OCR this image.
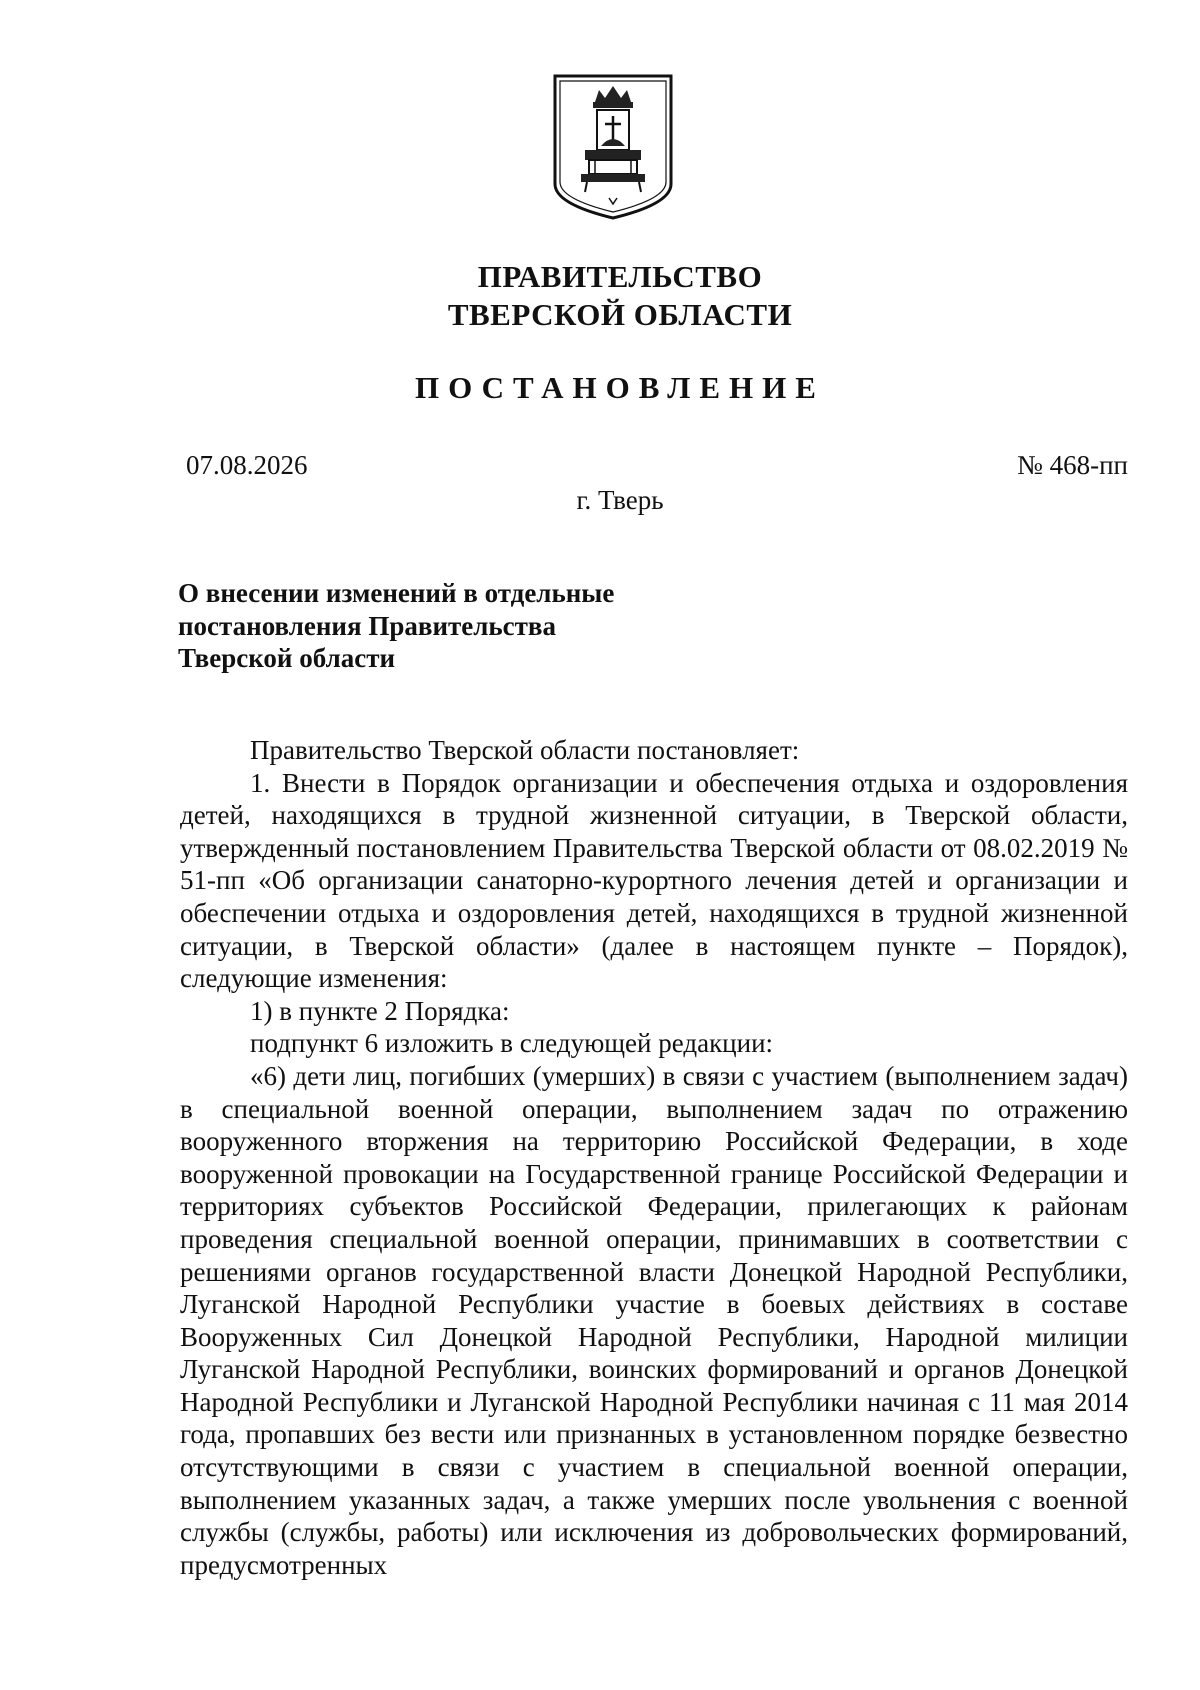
ПРАВИТЕЛЬСТВО
ТВЕРСКОЙ ОБЛАСТИ
ПОСТАНОВЛЕНИЕ
07.08.2026	№ 468-пп
г. Тверь
О внесении изменений в отдельные
постановления Правительства
Тверской области

Правительство Тверской области постановляет:

1. Внести в Порядок организации и обеспечения отдыха и оздоровления детей, находящихся в трудной жизненной ситуации, в Тверской области, утвержденный постановлением Правительства Тверской области от 08.02.2019 № 51-пп «Об организации санаторно-курортного лечения детей и организации и обеспечении отдыха и оздоровления детей, находящихся в трудной жизненной ситуации, в Тверской области» (далее в настоящем пункте – Порядок), следующие изменения:

1) в пункте 2 Порядка:

подпункт 6 изложить в следующей редакции:

«6) дети лиц, погибших (умерших) в связи с участием (выполнением задач) в специальной военной операции, выполнением задач по отражению вооруженного вторжения на территорию Российской Федерации, в ходе вооруженной провокации на Государственной границе Российской Федерации и территориях субъектов Российской Федерации, прилегающих к районам проведения специальной военной операции, принимавших в соответствии с решениями органов государственной власти Донецкой Народной Республики, Луганской Народной Республики участие в боевых действиях в составе Вооруженных Сил Донецкой Народной Республики, Народной милиции Луганской Народной Республики, воинских формирований и органов Донецкой Народной Республики и Луганской Народной Республики начиная с 11 мая 2014 года, пропавших без вести или признанных в установленном порядке безвестно отсутствующими в связи с участием в специальной военной операции, выполнением указанных задач, а также умерших после увольнения с военной службы (службы, работы) или исключения из добровольческих формирований, предусмотренных
